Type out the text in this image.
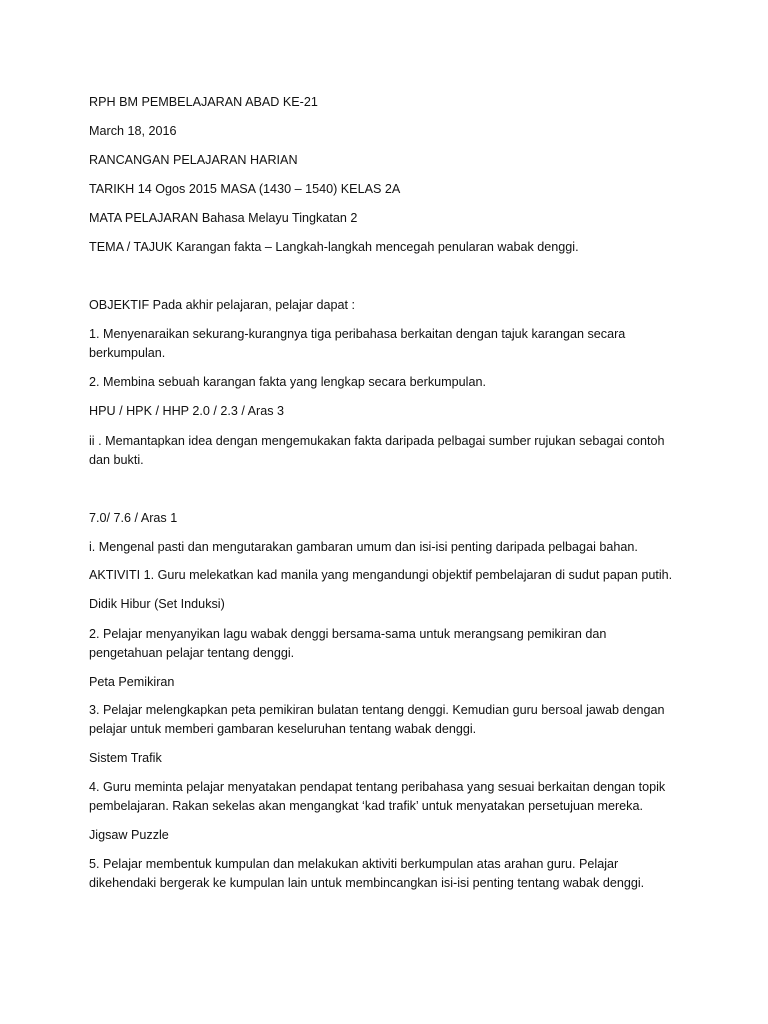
RPH BM PEMBELAJARAN ABAD KE-21
March 18, 2016
RANCANGAN PELAJARAN HARIAN
TARIKH 14 Ogos 2015 MASA (1430 – 1540) KELAS 2A
MATA PELAJARAN Bahasa Melayu Tingkatan 2
TEMA / TAJUK Karangan fakta – Langkah-langkah mencegah penularan wabak denggi.
OBJEKTIF Pada akhir pelajaran, pelajar dapat :
1. Menyenaraikan sekurang-kurangnya tiga peribahasa berkaitan dengan tajuk karangan secara
berkumpulan.
2. Membina sebuah karangan fakta yang lengkap secara berkumpulan.
HPU / HPK / HHP 2.0 / 2.3 / Aras 3
ii . Memantapkan idea dengan mengemukakan fakta daripada pelbagai sumber rujukan sebagai contoh
dan bukti.
7.0/ 7.6 / Aras 1
i. Mengenal pasti dan mengutarakan gambaran umum dan isi-isi penting daripada pelbagai bahan.
AKTIVITI 1. Guru melekatkan kad manila yang mengandungi objektif pembelajaran di sudut papan putih.
Didik Hibur (Set Induksi)
2. Pelajar menyanyikan lagu wabak denggi bersama-sama untuk merangsang pemikiran dan
pengetahuan pelajar tentang denggi.
Peta Pemikiran
3. Pelajar melengkapkan peta pemikiran bulatan tentang denggi. Kemudian guru bersoal jawab dengan
pelajar untuk memberi gambaran keseluruhan tentang wabak denggi.
Sistem Trafik
4. Guru meminta pelajar menyatakan pendapat tentang peribahasa yang sesuai berkaitan dengan topik
pembelajaran. Rakan sekelas akan mengangkat ‘kad trafik’ untuk menyatakan persetujuan mereka.
Jigsaw Puzzle
5. Pelajar membentuk kumpulan dan melakukan aktiviti berkumpulan atas arahan guru. Pelajar
dikehendaki bergerak ke kumpulan lain untuk membincangkan isi-isi penting tentang wabak denggi.
